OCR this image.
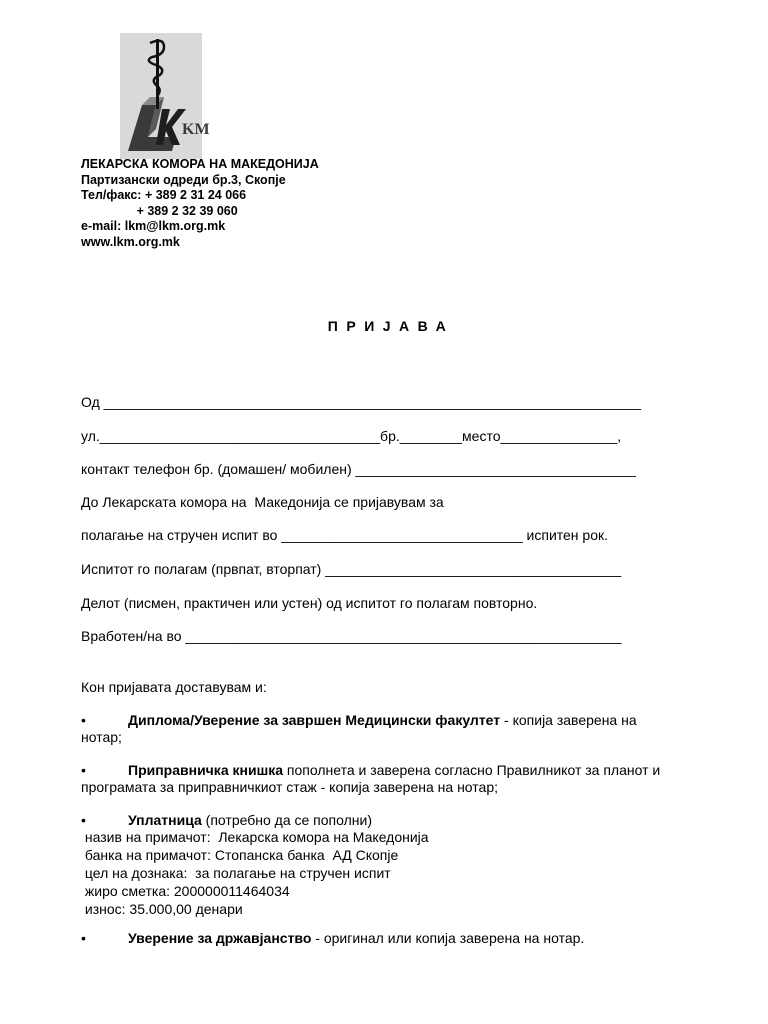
KM
ЛЕКАРСКА КОМОРА НА МАКЕДОНИЈА
Партизански одреди бр.3, Скопје
Тел/факс: + 389 2 31 24 066
+ 389 2 32 39 060
e-mail: lkm@lkm.org.mk
www.lkm.org.mk
ПРИЈАВА
Од _____________________________________________________________________
ул.____________________________________бр.________место_______________,
контакт телефон бр. (домашен/ мобилен) ____________________________________
До Лекарската комора на  Македонија се пријавувам за
полагање на стручен испит во _______________________________ испитен рок.
Испитот го полагам (првпат, вторпат) ______________________________________
Делот (писмен, практичен или устен) од испитот го полагам повторно.
Вработен/на во ________________________________________________________
Кон пријавата доставувам и:
•	Диплома/Уверение за завршен Медицински факултет - копија заверена на нотар;
•	Приправничка книшка пополнета и заверена согласно Правилникот за планот и програмата за приправничкиот стаж - копија заверена на нотар;
•	Уплатница (потребно да се пополни)
назив на примачот:  Лекарска комора на Македонија
банка на примачот: Стопанска банка  АД Скопје
цел на дознака:  за полагање на стручен испит
жиро сметка: 200000011464034
износ: 35.000,00 денари
•	Уверение за државјанство - оригинал или копија заверена на нотар.
